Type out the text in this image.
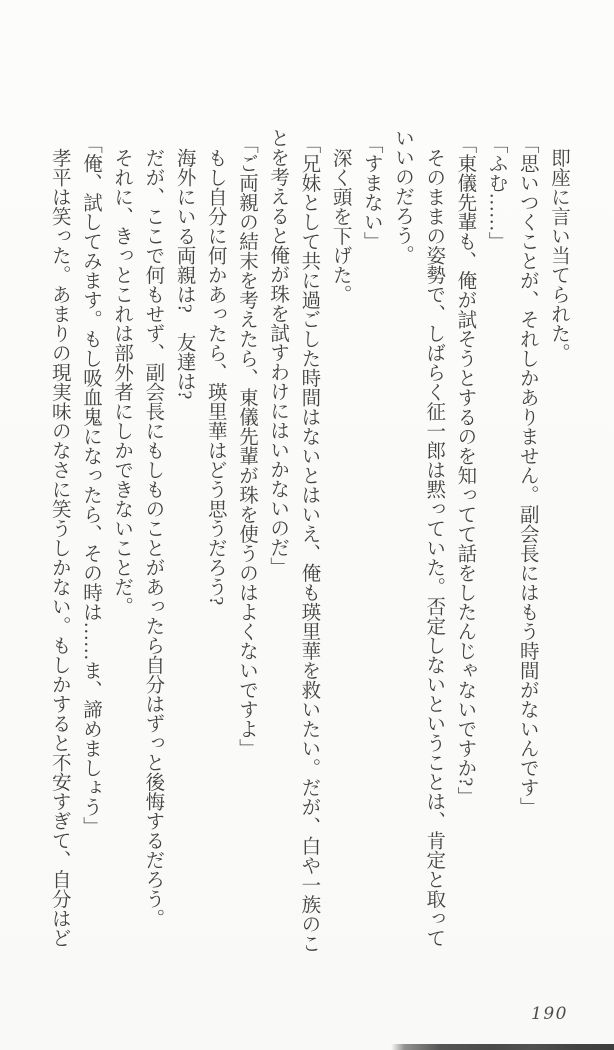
即座に言い当てられた。

「思いつくことが、それしかありません。副会長にはもう時間がないんです」

「ふむ……」

「東儀先輩も、俺が試そうとするのを知ってて話をしたんじゃないですか?」

そのままの姿勢で、しばらく征一郎は黙っていた。否定しないということは、肯定と取って

いいのだろう。

「すまない」

深く頭を下げた。

「兄妹として共に過ごした時間はないとはいえ、俺も瑛里華を救いたい。だが、白や一族のこ

とを考えると俺が珠を試すわけにはいかないのだ」

「ご両親の結末を考えたら、東儀先輩が珠を使うのはよくないですよ」

もし自分に何かあったら、瑛里華はどう思うだろう?

海外にいる両親は?　友達は?

だが、ここで何もせず、副会長にもしものことがあったら自分はずっと後悔するだろう。

それに、きっとこれは部外者にしかできないことだ。

「俺、試してみます。もし吸血鬼になったら、その時は……ま、諦めましょう」

孝平は笑った。あまりの現実味のなさに笑うしかない。もしかすると不安すぎて、自分はど

190
